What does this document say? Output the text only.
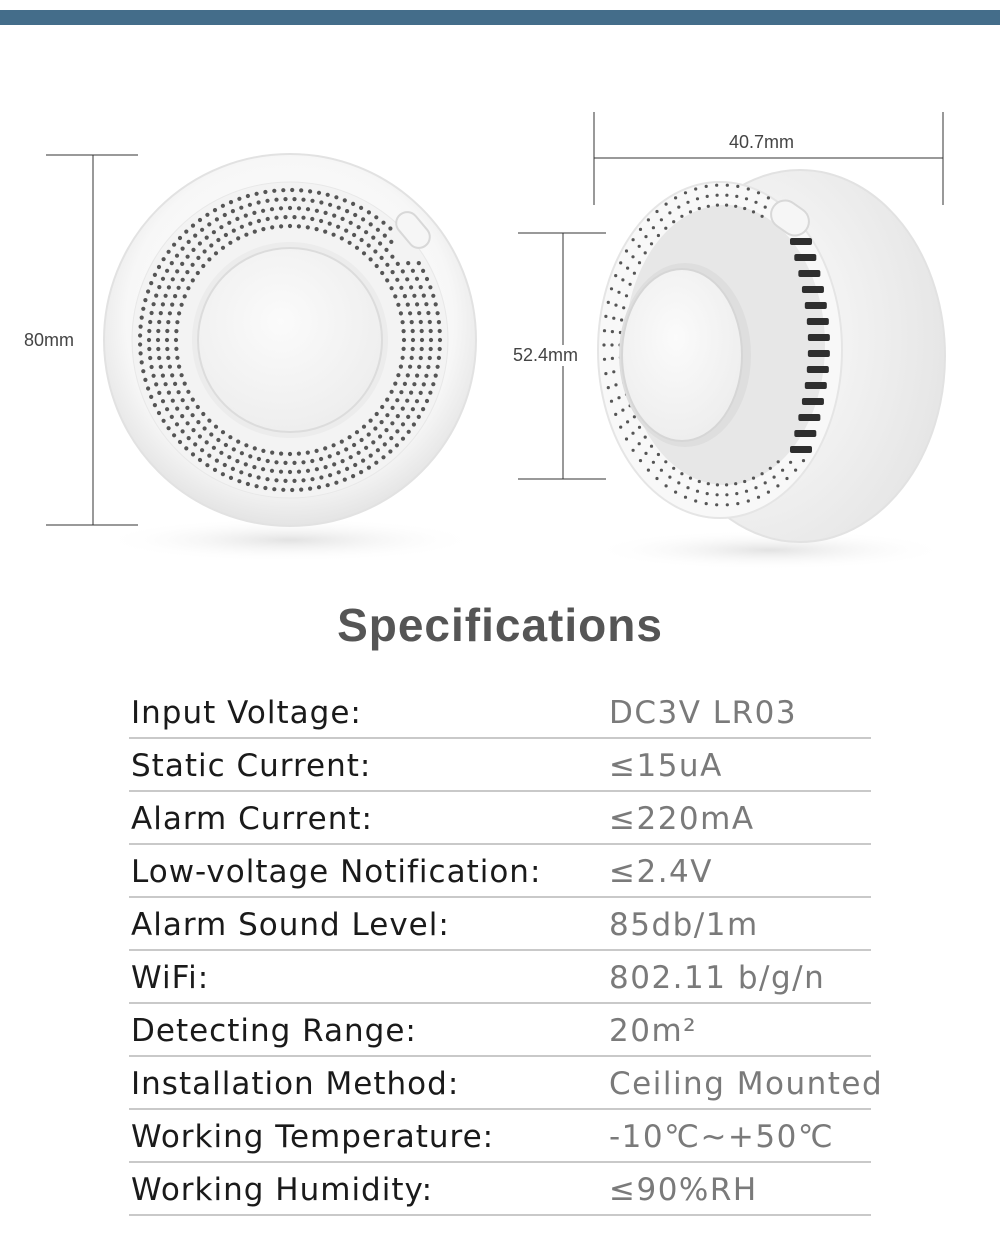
80mm
40.7mm
52.4mm
Specifications
Input Voltage:	DC3V LR03
Static Current:	≤15uA
Alarm Current:	≤220mA
Low-voltage Notification: ≤2.4V
Alarm Sound Level:	85db/1m
WiFi:	802.11 b/g/n
Detecting Range:	20m²
Installation Method:	Ceiling Mounted
Working Temperature:	-10℃~+50℃
Working Humidity:	≤90%RH
